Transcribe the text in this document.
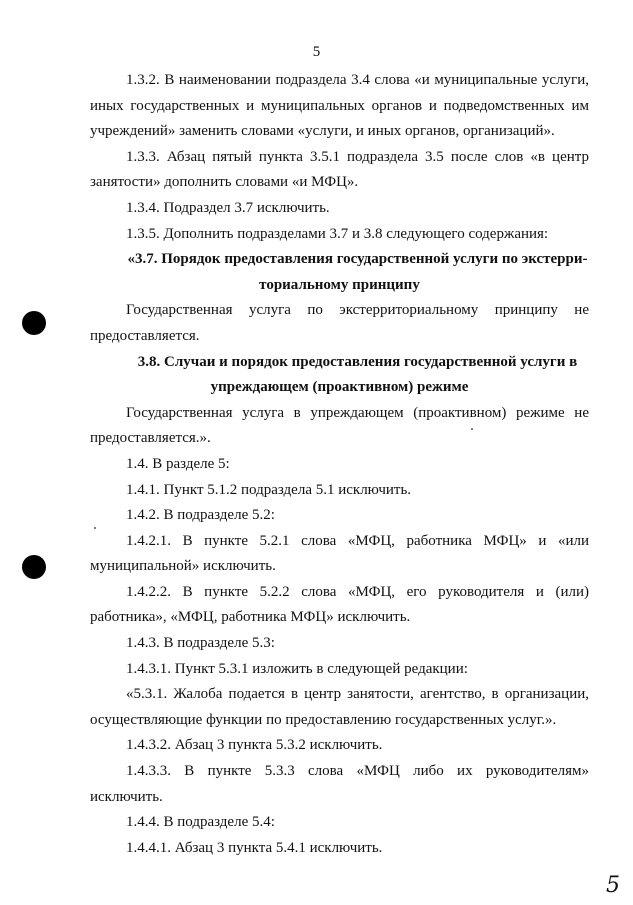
5

1.3.2. В наименовании подраздела 3.4 слова «и муниципальные услуги, иных государственных и муниципальных органов и подведомственных им учреждений» заменить словами «услуги, и иных органов, организаций».

1.3.3. Абзац пятый пункта 3.5.1 подраздела 3.5 после слов «в центр занятости» дополнить словами «и МФЦ».

1.3.4. Подраздел 3.7 исключить.

1.3.5. Дополнить подразделами 3.7 и 3.8 следующего содержания:

«3.7. Порядок предоставления государственной услуги по экстерри-
ториальному принципу

Государственная услуга по экстерриториальному принципу не предоставляется.

3.8. Случаи и порядок предоставления государственной услуги в
упреждающем (проактивном) режиме

Государственная услуга в упреждающем (проактивном) режиме не предоставляется.».

1.4. В разделе 5:

1.4.1. Пункт 5.1.2 подраздела 5.1 исключить.

1.4.2. В подразделе 5.2:

1.4.2.1. В пункте 5.2.1 слова «МФЦ, работника МФЦ» и «или муниципальной» исключить.

1.4.2.2. В пункте 5.2.2 слова «МФЦ, его руководителя и (или) работника», «МФЦ, работника МФЦ» исключить.

1.4.3. В подразделе 5.3:

1.4.3.1. Пункт 5.3.1 изложить в следующей редакции:

«5.3.1. Жалоба подается в центр занятости, агентство, в организации, осуществляющие функции по предоставлению государственных услуг.».

1.4.3.2. Абзац 3 пункта 5.3.2 исключить.

1.4.3.3. В пункте 5.3.3 слова «МФЦ либо их руководителям» исключить.

1.4.4. В подразделе 5.4:

1.4.4.1. Абзац 3 пункта 5.4.1 исключить.

5
